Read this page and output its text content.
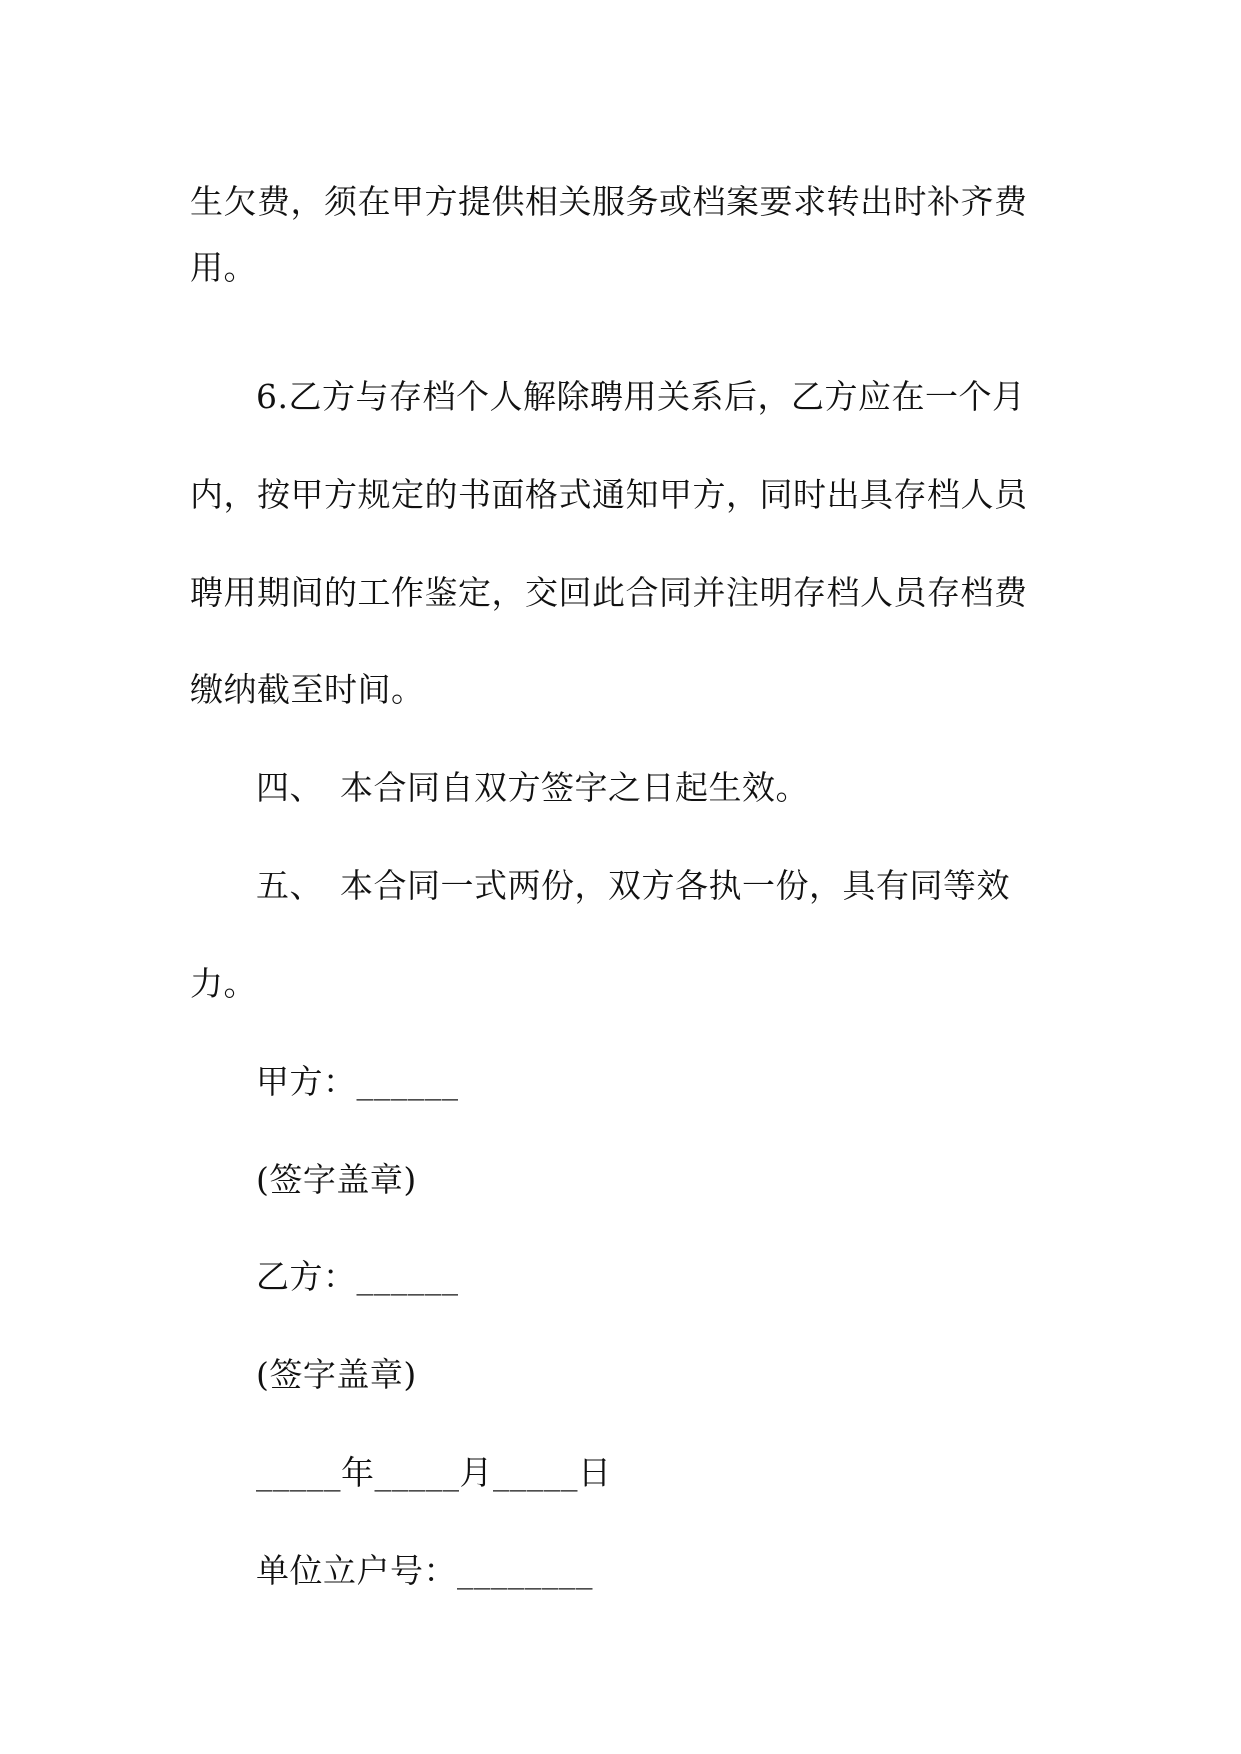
生欠费，须在甲方提供相关服务或档案要求转出时补齐费
用。
6.乙方与存档个人解除聘用关系后，乙方应在一个月
内，按甲方规定的书面格式通知甲方，同时出具存档人员
聘用期间的工作鉴定，交回此合同并注明存档人员存档费
缴纳截至时间。
四、　本合同自双方签字之日起生效。
五、　本合同一式两份，双方各执一份，具有同等效
力。
甲方：______
(签字盖章)
乙方：______
(签字盖章)
_____年_____月_____日
单位立户号：________
